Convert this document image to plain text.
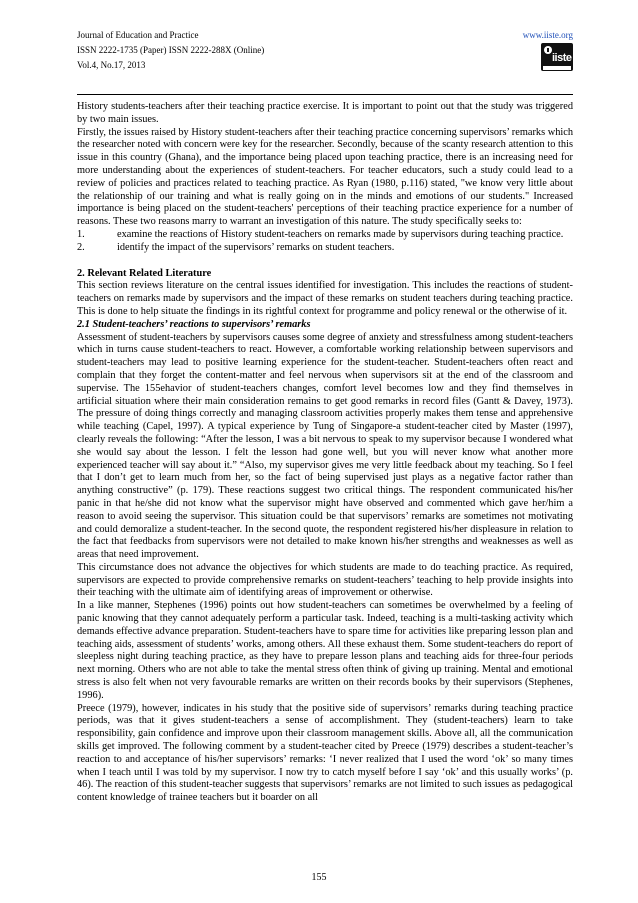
Journal of Education and Practice
ISSN 2222-1735 (Paper) ISSN 2222-288X (Online)
Vol.4, No.17, 2013
www.iiste.org
iiste

History students-teachers after their teaching practice exercise. It is important to point out that the study was triggered by two main issues.

Firstly, the issues raised by History student-teachers after their teaching practice concerning supervisors’ remarks which the researcher noted with concern were key for the researcher. Secondly, because of the scanty research attention to this issue in this country (Ghana), and the importance being placed upon teaching practice, there is an increasing need for more understanding about the experiences of student-teachers. For teacher educators, such a study could lead to a review of policies and practices related to teaching practice. As Ryan (1980, p.116) stated, "we know very little about the relationship of our training and what is really going on in the minds and emotions of our students." Increased importance is being placed on the student-teachers' perceptions of their teaching practice experience for a number of reasons. These two reasons marry to warrant an investigation of this nature. The study specifically seeks to:

1.	examine the reactions of History student-teachers on remarks made by supervisors during teaching practice.

2.	identify the impact of the supervisors’ remarks on student teachers.

2. Relevant Related Literature

This section reviews literature on the central issues identified for investigation. This includes the reactions of student-teachers on remarks made by supervisors and the impact of these remarks on student teachers during teaching practice. This is done to help situate the findings in its rightful context for programme and policy renewal or the otherwise of it.

2.1 Student-teachers’ reactions to supervisors’ remarks

Assessment of student-teachers by supervisors causes some degree of anxiety and stressfulness among student-teachers which in turns cause student-teachers to react. However, a comfortable working relationship between supervisors and student-teachers may lead to positive learning experience for the student-teacher. Student-teachers often react and complain that they forget the content-matter and feel nervous when supervisors sit at the end of the classroom and supervise. The 155ehavior of student-teachers changes, comfort level becomes low and they find themselves in artificial situation where their main consideration remains to get good remarks in record files (Gantt & Davey, 1973). The pressure of doing things correctly and managing classroom activities properly makes them tense and apprehensive while teaching (Capel, 1997). A typical experience by Tung of Singapore-a student-teacher cited by Master (1997), clearly reveals the following: “After the lesson, I was a bit nervous to speak to my supervisor because I wondered what she would say about the lesson. I felt the lesson had gone well, but you will never know what another more experienced teacher will say about it.” “Also, my supervisor gives me very little feedback about my teaching. So I feel that I don’t get to learn much from her, so the fact of being supervised just plays as a negative factor rather than anything constructive” (p. 179). These reactions suggest two critical things. The respondent communicated his/her panic in that he/she did not know what the supervisor might have observed and commented which gave her/him a reason to avoid seeing the supervisor. This situation could be that supervisors’ remarks are sometimes not motivating and could demoralize a student-teacher. In the second quote, the respondent registered his/her displeasure in relation to the fact that feedbacks from supervisors were not detailed to make known his/her strengths and weaknesses as well as areas that need improvement.

This circumstance does not advance the objectives for which students are made to do teaching practice. As required, supervisors are expected to provide comprehensive remarks on student-teachers’ teaching to help provide insights into their teaching with the ultimate aim of identifying areas of improvement or otherwise.

In a like manner, Stephenes (1996) points out how student-teachers can sometimes be overwhelmed by a feeling of panic knowing that they cannot adequately perform a particular task. Indeed, teaching is a multi-tasking activity which demands effective advance preparation. Student-teachers have to spare time for activities like preparing lesson plan and teaching aids, assessment of students’ works, among others. All these exhaust them. Some student-teachers do report of sleepless night during teaching practice, as they have to prepare lesson plans and teaching aids for three-four periods next morning. Others who are not able to take the mental stress often think of giving up training. Mental and emotional stress is also felt when not very favourable remarks are written on their records books by their supervisors (Stephenes, 1996).

Preece (1979), however, indicates in his study that the positive side of supervisors’ remarks during teaching practice periods, was that it gives student-teachers a sense of accomplishment. They (student-teachers) learn to take responsibility, gain confidence and improve upon their classroom management skills. Above all, all the communication skills get improved. The following comment by a student-teacher cited by Preece (1979) describes a student-teacher’s reaction to and acceptance of his/her supervisors’ remarks: ‘I never realized that I used the word ‘ok’ so many times when I teach until I was told by my supervisor. I now try to catch myself before I say ‘ok’ and this usually works’ (p. 46). The reaction of this student-teacher suggests that supervisors’ remarks are not limited to such issues as pedagogical content knowledge of trainee teachers but it boarder on all

155
